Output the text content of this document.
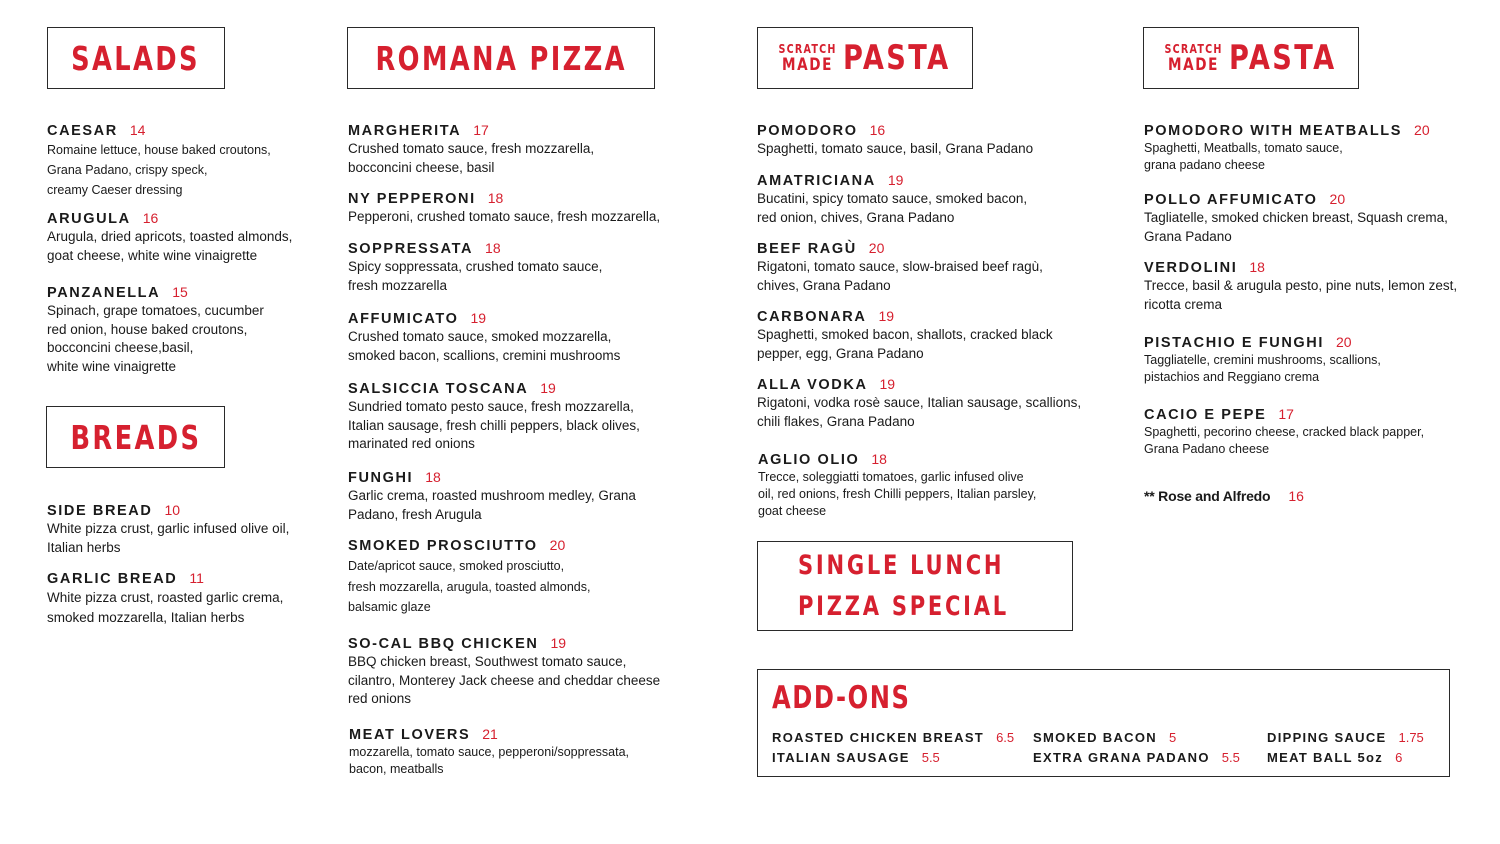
SALADS	ROMANA PIZZA	SCRATCH
MADE PASTA	SCRATCH
MADE PASTA
BREADS
CAESAR 14
Romaine lettuce, house baked croutons,
Grana Padano, crispy speck,
creamy Caeser dressing
ARUGULA 16
Arugula, dried apricots, toasted almonds,
goat cheese, white wine vinaigrette
PANZANELLA 15
Spinach, grape tomatoes, cucumber
red onion, house baked croutons,
bocconcini cheese,basil,
white wine vinaigrette
SIDE BREAD 10
White pizza crust, garlic infused olive oil,
Italian herbs
GARLIC BREAD 11
White pizza crust, roasted garlic crema,
smoked mozzarella, Italian herbs
MARGHERITA 17
Crushed tomato sauce, fresh mozzarella,
bocconcini cheese, basil
NY PEPPERONI 18
Pepperoni, crushed tomato sauce, fresh mozzarella,
SOPPRESSATA 18
Spicy soppressata, crushed tomato sauce,
fresh mozzarella
AFFUMICATO 19
Crushed tomato sauce, smoked mozzarella,
smoked bacon, scallions, cremini mushrooms
SALSICCIA TOSCANA 19
Sundried tomato pesto sauce, fresh mozzarella,
Italian sausage, fresh chilli peppers, black olives,
marinated red onions
FUNGHI 18
Garlic crema, roasted mushroom medley, Grana
Padano, fresh Arugula
SMOKED PROSCIUTTO 20
Date/apricot sauce, smoked prosciutto,
fresh mozzarella, arugula, toasted almonds,
balsamic glaze
SO-CAL BBQ CHICKEN 19
BBQ chicken breast, Southwest tomato sauce,
cilantro, Monterey Jack cheese and cheddar cheese
red onions
MEAT LOVERS 21
mozzarella, tomato sauce, pepperoni/soppressata,
bacon, meatballs
POMODORO 16
Spaghetti, tomato sauce, basil, Grana Padano
AMATRICIANA 19
Bucatini, spicy tomato sauce, smoked bacon,
red onion, chives, Grana Padano
BEEF RAGÙ 20
Rigatoni, tomato sauce, slow-braised beef ragù,
chives, Grana Padano
CARBONARA 19
Spaghetti, smoked bacon, shallots, cracked black
pepper, egg, Grana Padano
ALLA VODKA 19
Rigatoni, vodka rosè sauce, Italian sausage, scallions,
chili flakes, Grana Padano
AGLIO OLIO 18
Trecce, soleggiatti tomatoes, garlic infused olive
oil, red onions, fresh Chilli peppers, Italian parsley,
goat cheese
SINGLE LUNCH
PIZZA SPECIAL
POMODORO WITH MEATBALLS 20
Spaghetti, Meatballs, tomato sauce,
grana padano cheese
POLLO AFFUMICATO 20
Tagliatelle, smoked chicken breast, Squash crema,
Grana Padano
VERDOLINI 18
Trecce, basil & arugula pesto, pine nuts, lemon zest,
ricotta crema
PISTACHIO E FUNGHI 20
Taggliatelle, cremini mushrooms, scallions,
pistachios and Reggiano crema
CACIO E PEPE 17
Spaghetti, pecorino cheese, cracked black papper,
Grana Padano cheese
** Rose and Alfredo 16
ADD-ONS
ROASTED CHICKEN BREAST 6.5
ITALIAN SAUSAGE 5.5
SMOKED BACON 5
EXTRA GRANA PADANO 5.5
DIPPING SAUCE 1.75
MEAT BALL 5oz 6
